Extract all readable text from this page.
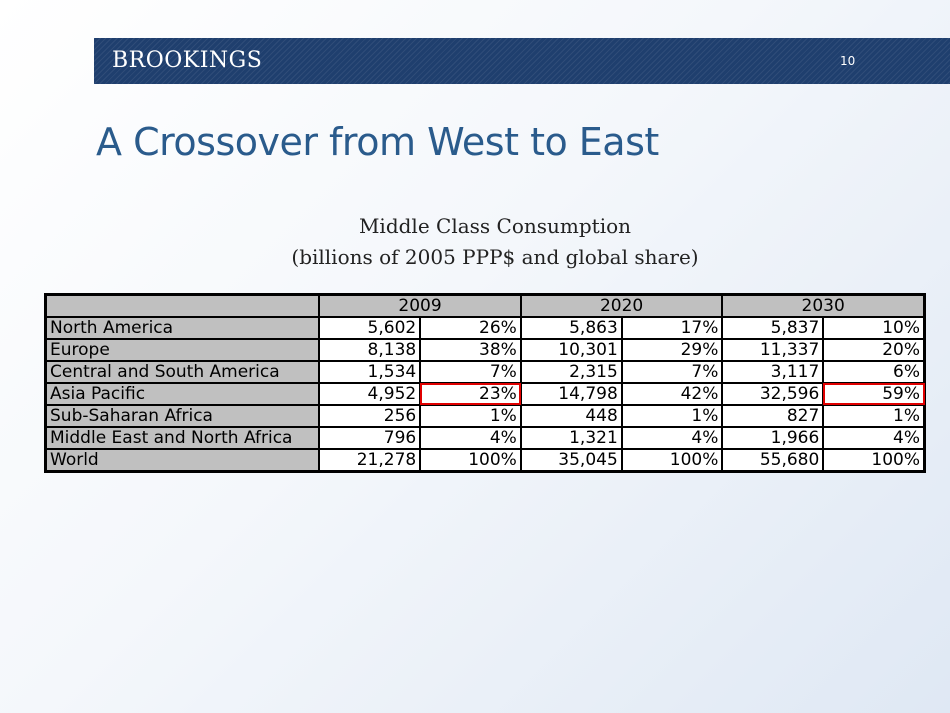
BROOKINGS	10
A Crossover from West to East
Middle Class Consumption
(billions of 2005 PPP$ and global share)
	2009		2020		2030	
North America	5,602	26%	5,863	17%	5,837	10%
Europe	8,138	38%	10,301	29%	11,337	20%
Central and South America	1,534	7%	2,315	7%	3,117	6%
Asia Pacific	4,952	23%	14,798	42%	32,596	59%
Sub-Saharan Africa	256	1%	448	1%	827	1%
Middle East and North Africa	796	4%	1,321	4%	1,966	4%
World	21,278	100%	35,045	100%	55,680	100%
